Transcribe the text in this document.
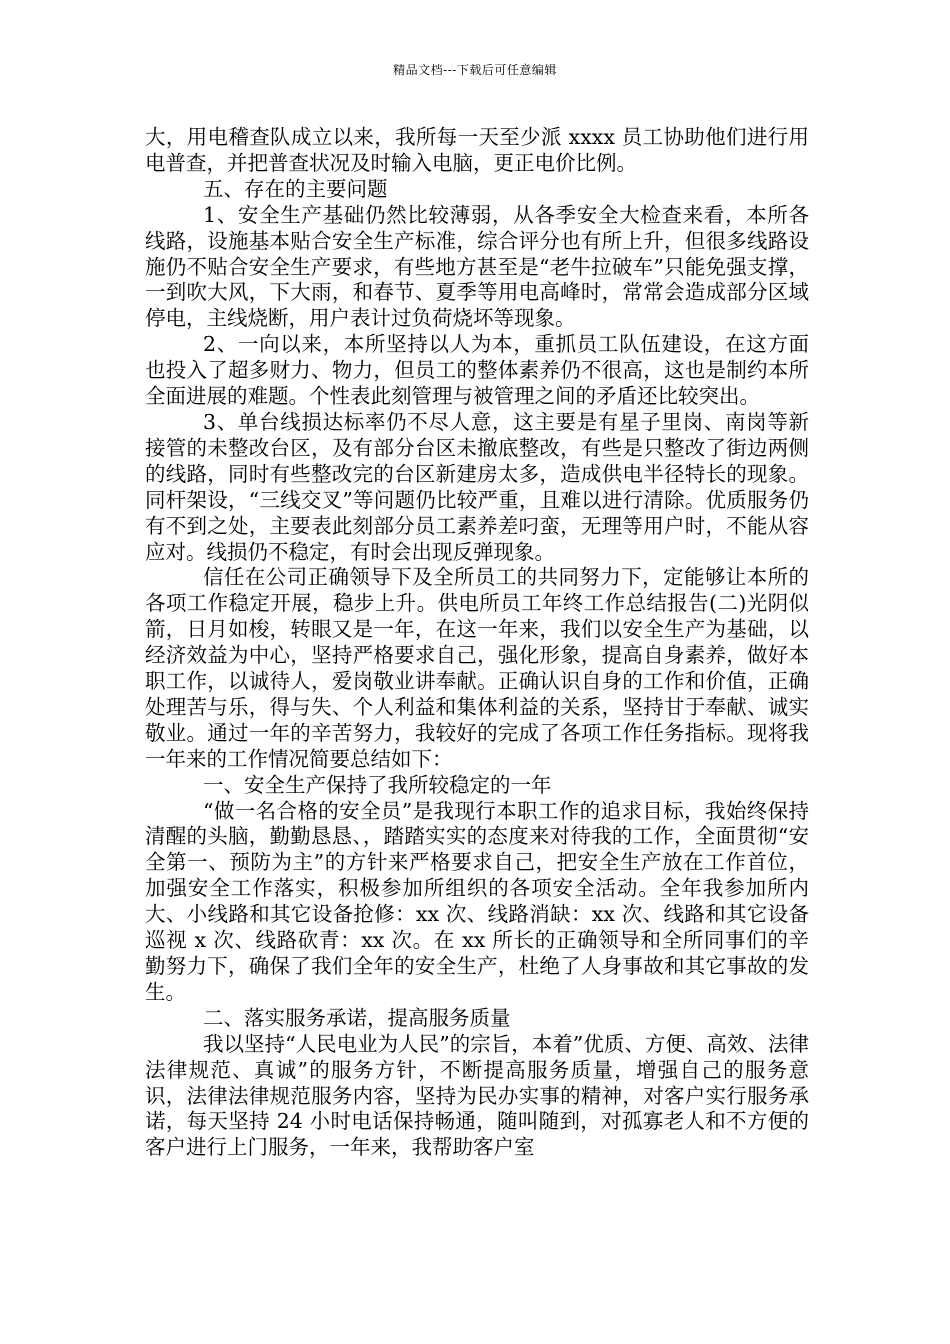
精品文档---下载后可任意编辑

大，用电稽查队成立以来，我所每一天至少派 xxxx 员工协助他们进行用电普查，并把普查状况及时输入电脑，更正电价比例。

五、存在的主要问题

1、安全生产基础仍然比较薄弱，从各季安全大检查来看，本所各线路，设施基本贴合安全生产标准，综合评分也有所上升，但很多线路设施仍不贴合安全生产要求，有些地方甚至是“老牛拉破车”只能免强支撑，一到吹大风，下大雨，和春节、夏季等用电高峰时，常常会造成部分区域停电，主线烧断，用户表计过负荷烧坏等现象。

2、一向以来，本所坚持以人为本，重抓员工队伍建设，在这方面也投入了超多财力、物力，但员工的整体素养仍不很高，这也是制约本所全面进展的难题。个性表此刻管理与被管理之间的矛盾还比较突出。

3、单台线损达标率仍不尽人意，这主要是有星子里岗、南岗等新接管的未整改台区，及有部分台区未撤底整改，有些是只整改了街边两侧的线路，同时有些整改完的台区新建房太多，造成供电半径特长的现象。同杆架设，“三线交叉”等问题仍比较严重，且难以进行清除。优质服务仍有不到之处，主要表此刻部分员工素养差叼蛮，无理等用户时，不能从容应对。线损仍不稳定，有时会出现反弹现象。

信任在公司正确领导下及全所员工的共同努力下，定能够让本所的各项工作稳定开展，稳步上升。供电所员工年终工作总结报告(二)光阴似箭，日月如梭，转眼又是一年，在这一年来，我们以安全生产为基础，以经济效益为中心，坚持严格要求自己，强化形象，提高自身素养，做好本职工作，以诚待人，爱岗敬业讲奉献。正确认识自身的工作和价值，正确处理苦与乐，得与失、个人利益和集体利益的关系，坚持甘于奉献、诚实敬业。通过一年的辛苦努力，我较好的完成了各项工作任务指标。现将我一年来的工作情况简要总结如下：

一、安全生产保持了我所较稳定的一年

“做一名合格的安全员”是我现行本职工作的追求目标，我始终保持清醒的头脑，勤勤恳恳、，踏踏实实的态度来对待我的工作，全面贯彻“安全第一、预防为主”的方针来严格要求自己，把安全生产放在工作首位，加强安全工作落实，积极参加所组织的各项安全活动。全年我参加所内大、小线路和其它设备抢修：xx 次、线路消缺：xx 次、线路和其它设备巡视 x 次、线路砍青：xx 次。在 xx 所长的正确领导和全所同事们的辛勤努力下，确保了我们全年的安全生产，杜绝了人身事故和其它事故的发生。

二、落实服务承诺，提高服务质量

我以坚持“人民电业为人民”的宗旨，本着”优质、方便、高效、法律法律规范、真诚”的服务方针，不断提高服务质量，增强自己的服务意识，法律法律规范服务内容，坚持为民办实事的精神，对客户实行服务承诺，每天坚持 24 小时电话保持畅通，随叫随到，对孤寡老人和不方便的客户进行上门服务，一年来，我帮助客户室
